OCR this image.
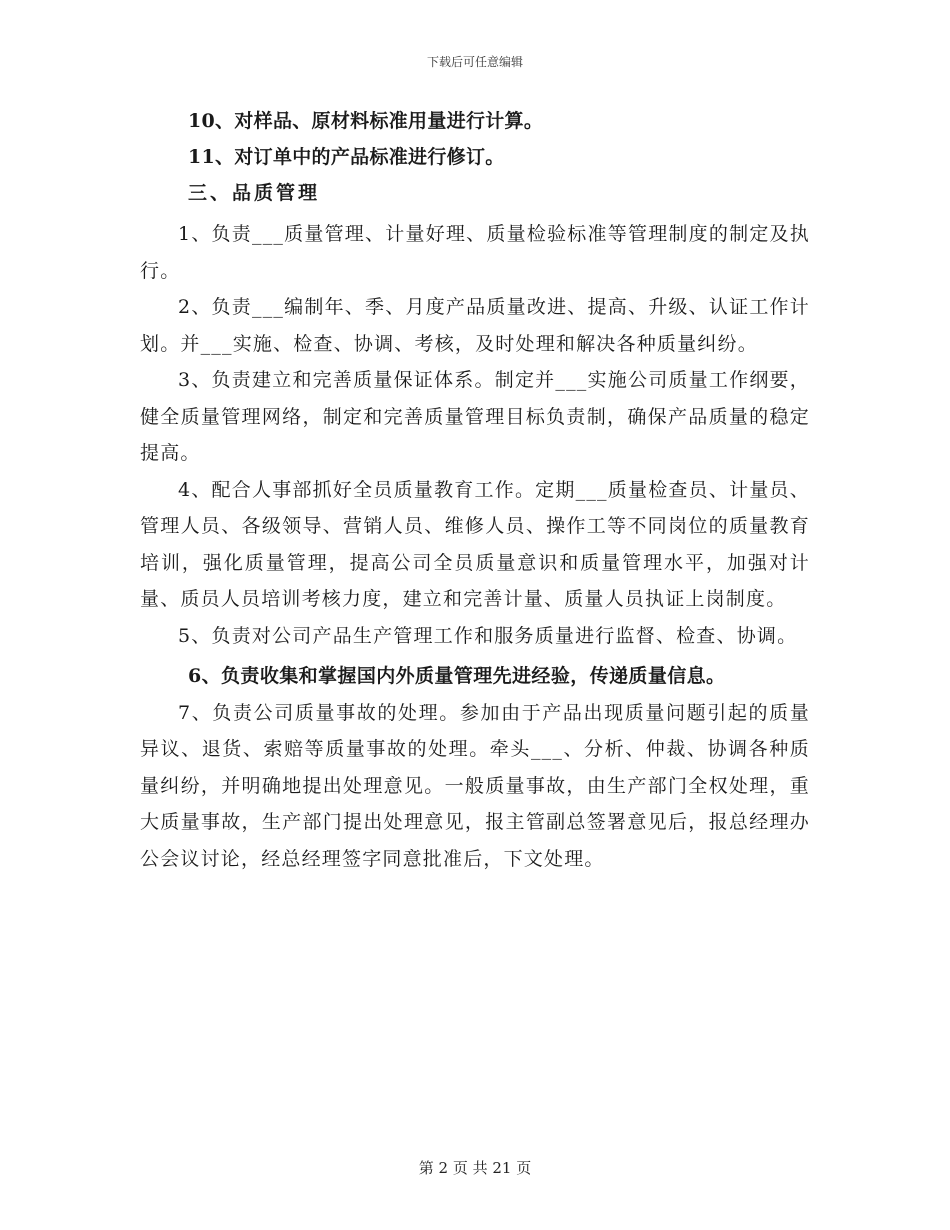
下载后可任意编辑

10、对样品、原材料标准用量进行计算。

11、对订单中的产品标准进行修订。

三、品质管理

1、负责___质量管理、计量好理、质量检验标准等管理制度的制定及执行。

2、负责___编制年、季、月度产品质量改进、提高、升级、认证工作计划。并___实施、检查、协调、考核，及时处理和解决各种质量纠纷。

3、负责建立和完善质量保证体系。制定并___实施公司质量工作纲要，健全质量管理网络，制定和完善质量管理目标负责制，确保产品质量的稳定提高。

4、配合人事部抓好全员质量教育工作。定期___质量检查员、计量员、管理人员、各级领导、营销人员、维修人员、操作工等不同岗位的质量教育培训，强化质量管理，提高公司全员质量意识和质量管理水平，加强对计量、质员人员培训考核力度，建立和完善计量、质量人员执证上岗制度。

5、负责对公司产品生产管理工作和服务质量进行监督、检查、协调。

6、负责收集和掌握国内外质量管理先进经验，传递质量信息。

7、负责公司质量事故的处理。参加由于产品出现质量问题引起的质量异议、退货、索赔等质量事故的处理。牵头___、分析、仲裁、协调各种质量纠纷，并明确地提出处理意见。一般质量事故，由生产部门全权处理，重大质量事故，生产部门提出处理意见，报主管副总签署意见后，报总经理办公会议讨论，经总经理签字同意批准后，下文处理。

第 2 页 共 21 页
